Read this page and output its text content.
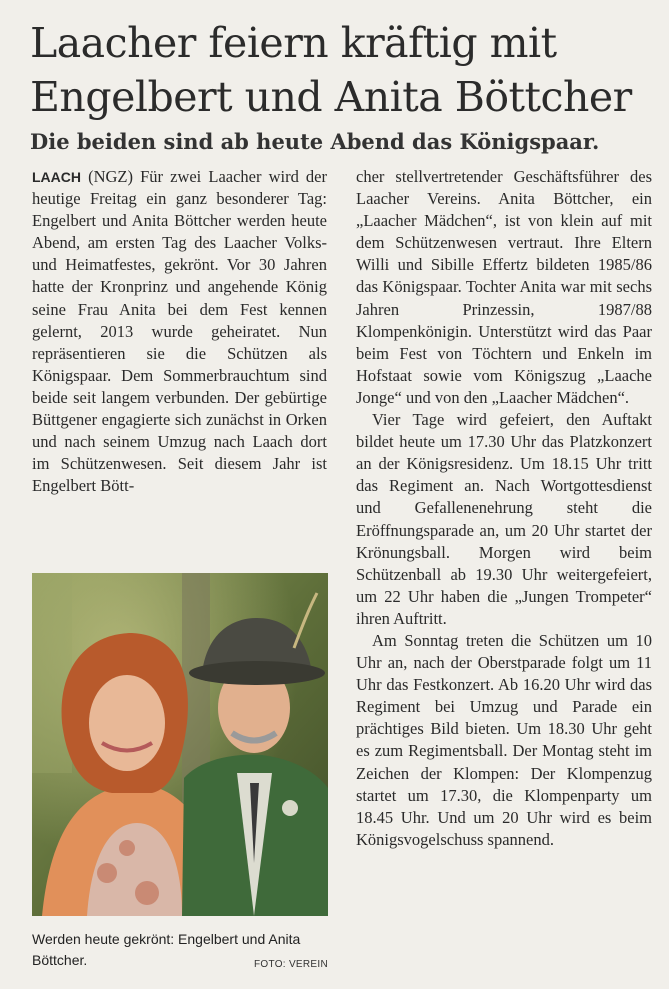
Laacher feiern kräftig mit Engelbert und Anita Böttcher
Die beiden sind ab heute Abend das Königspaar.

LAACH (NGZ) Für zwei Laacher wird der heutige Freitag ein ganz besonderer Tag: Engelbert und Anita Böttcher werden heute Abend, am ersten Tag des Laacher Volks- und Heimatfestes, gekrönt. Vor 30 Jahren hatte der Kronprinz und angehende König seine Frau Anita bei dem Fest kennen gelernt, 2013 wurde geheiratet. Nun repräsentieren sie die Schützen als Königspaar. Dem Sommerbrauchtum sind beide seit langem verbunden. Der gebürtige Büttgener engagierte sich zunächst in Orken und nach seinem Umzug nach Laach dort im Schützenwesen. Seit diesem Jahr ist Engelbert Bött-

Werden heute gekrönt: Engelbert und Anita Böttcher.	FOTO: VEREIN

cher stellvertretender Geschäftsführer des Laacher Vereins. Anita Böttcher, ein „Laacher Mädchen“, ist von klein auf mit dem Schützenwesen vertraut. Ihre Eltern Willi und Sibille Effertz bildeten 1985/86 das Königspaar. Tochter Anita war mit sechs Jahren Prinzessin, 1987/88 Klompenkönigin. Unterstützt wird das Paar beim Fest von Töchtern und Enkeln im Hofstaat sowie vom Königszug „Laache Jonge“ und von den „Laacher Mädchen“.

Vier Tage wird gefeiert, den Auftakt bildet heute um 17.30 Uhr das Platzkonzert an der Königsresidenz. Um 18.15 Uhr tritt das Regiment an. Nach Wortgottesdienst und Gefallenenehrung steht die Eröffnungsparade an, um 20 Uhr startet der Krönungsball. Morgen wird beim Schützenball ab 19.30 Uhr weitergefeiert, um 22 Uhr haben die „Jungen Trompeter“ ihren Auftritt.

Am Sonntag treten die Schützen um 10 Uhr an, nach der Oberstparade folgt um 11 Uhr das Festkonzert. Ab 16.20 Uhr wird das Regiment bei Umzug und Parade ein prächtiges Bild bieten. Um 18.30 Uhr geht es zum Regimentsball. Der Montag steht im Zeichen der Klompen: Der Klompenzug startet um 17.30, die Klompenparty um 18.45 Uhr. Und um 20 Uhr wird es beim Königsvogelschuss spannend.
